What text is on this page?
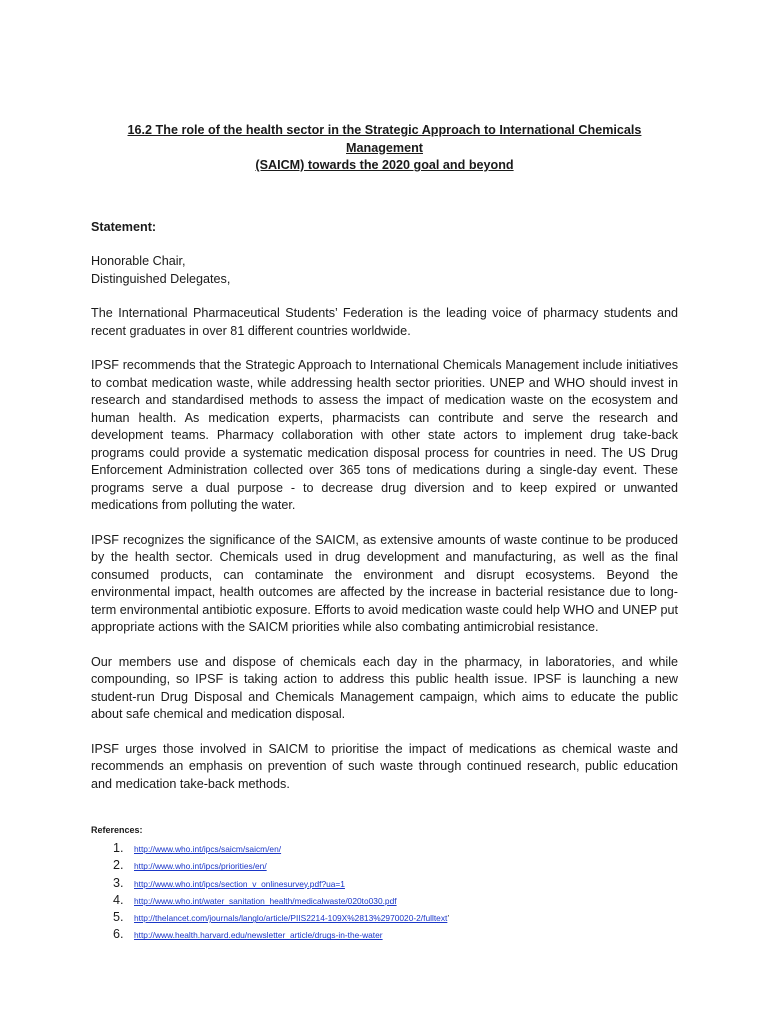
16.2 The role of the health sector in the Strategic Approach to International Chemicals Management
(SAICM) towards the 2020 goal and beyond
Statement:
Honorable Chair,
Distinguished Delegates,

The International Pharmaceutical Students’ Federation is the leading voice of pharmacy students and recent graduates in over 81 different countries worldwide.

IPSF recommends that the Strategic Approach to International Chemicals Management include initiatives to combat medication waste, while addressing health sector priorities. UNEP and WHO should invest in research and standardised methods to assess the impact of medication waste on the ecosystem and human health. As medication experts, pharmacists can contribute and serve the research and development teams. Pharmacy collaboration with other state actors to implement drug take-back programs could provide a systematic medication disposal process for countries in need. The US Drug Enforcement Administration collected over 365 tons of medications during a single-day event. These programs serve a dual purpose - to decrease drug diversion and to keep expired or unwanted medications from polluting the water.

IPSF recognizes the significance of the SAICM, as extensive amounts of waste continue to be produced by the health sector. Chemicals used in drug development and manufacturing, as well as the final consumed products, can contaminate the environment and disrupt ecosystems. Beyond the environmental impact, health outcomes are affected by the increase in bacterial resistance due to long-term environmental antibiotic exposure. Efforts to avoid medication waste could help WHO and UNEP put appropriate actions with the SAICM priorities while also combating antimicrobial resistance.

Our members use and dispose of chemicals each day in the pharmacy, in laboratories, and while compounding, so IPSF is taking action to address this public health issue. IPSF is launching a new student-run Drug Disposal and Chemicals Management campaign, which aims to educate the public about safe chemical and medication disposal.

IPSF urges those involved in SAICM to prioritise the impact of medications as chemical waste and recommends an emphasis on prevention of such waste through continued research, public education and medication take-back methods.

References:
1.	http://www.who.int/ipcs/saicm/saicm/en/
2.	http://www.who.int/ipcs/priorities/en/
3.	http://www.who.int/ipcs/section_v_onlinesurvey.pdf?ua=1
4.	http://www.who.int/water_sanitation_health/medicalwaste/020to030.pdf
5.	http://thelancet.com/journals/langlo/article/PIIS2214-109X%2813%2970020-2/fulltext ’
6.	http://www.health.harvard.edu/newsletter_article/drugs-in-the-water
